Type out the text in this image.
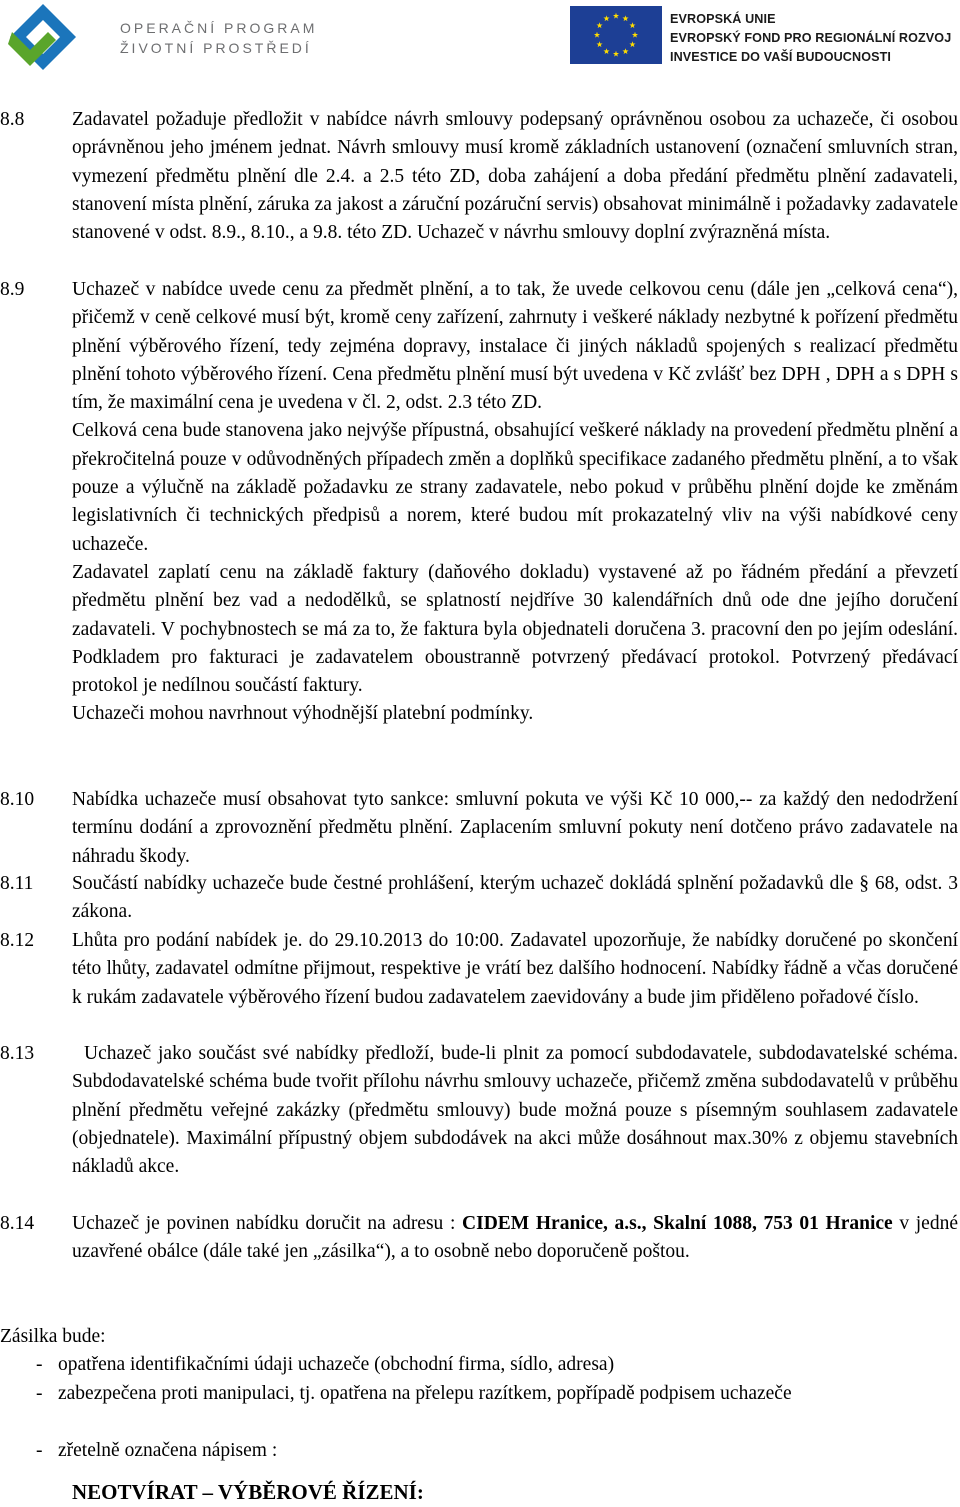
OPERAČNÍ PROGRAM
ŽIVOTNÍ PROSTŘEDÍ
EVROPSKÁ UNIE
EVROPSKÝ FOND PRO REGIONÁLNÍ ROZVOJ
INVESTICE DO VAŠÍ BUDOUCNOSTI
8.8 Zadavatel požaduje předložit v nabídce návrh smlouvy podepsaný oprávněnou osobou za uchazeče, či osobou oprávněnou jeho jménem jednat. Návrh smlouvy musí kromě základních ustanovení (označení smluvních stran, vymezení předmětu plnění dle 2.4. a 2.5 této ZD, doba zahájení a doba předání předmětu plnění zadavateli, stanovení místa plnění, záruka za jakost a záruční pozáruční servis) obsahovat minimálně i požadavky zadavatele stanovené v odst. 8.9., 8.10., a 9.8. této ZD. Uchazeč v návrhu smlouvy doplní zvýrazněná místa.

8.9 Uchazeč v nabídce uvede cenu za předmět plnění, a to tak, že uvede celkovou cenu (dále jen „celková cena“), přičemž v ceně celkové musí být, kromě ceny zařízení, zahrnuty i veškeré náklady nezbytné k pořízení předmětu plnění výběrového řízení, tedy zejména dopravy, instalace či jiných nákladů spojených s realizací předmětu plnění tohoto výběrového řízení. Cena předmětu plnění musí být uvedena v Kč zvlášť bez DPH , DPH a s DPH s tím, že maximální cena je uvedena v čl. 2, odst. 2.3 této ZD.

Celková cena bude stanovena jako nejvýše přípustná, obsahující veškeré náklady na provedení předmětu plnění a překročitelná pouze v odůvodněných případech změn a doplňků specifikace zadaného předmětu plnění, a to však pouze a výlučně na základě požadavku ze strany zadavatele, nebo pokud v průběhu plnění dojde ke změnám legislativních či technických předpisů a norem, které budou mít prokazatelný vliv na výši nabídkové ceny uchazeče.

Zadavatel zaplatí cenu na základě faktury (daňového dokladu) vystavené až po řádném předání a převzetí předmětu plnění bez vad a nedodělků, se splatností nejdříve 30 kalendářních dnů ode dne jejího doručení zadavateli. V pochybnostech se má za to, že faktura byla objednateli doručena 3. pracovní den po jejím odeslání. Podkladem pro fakturaci je zadavatelem oboustranně potvrzený předávací protokol. Potvrzený předávací protokol je nedílnou součástí faktury.

Uchazeči mohou navrhnout výhodnější platební podmínky.

8.10 Nabídka uchazeče musí obsahovat tyto sankce: smluvní pokuta ve výši Kč 10 000,-- za každý den nedodržení termínu dodání a zprovoznění předmětu plnění. Zaplacením smluvní pokuty není dotčeno právo zadavatele na náhradu škody.

8.11 Součástí nabídky uchazeče bude čestné prohlášení, kterým uchazeč dokládá splnění požadavků dle § 68, odst. 3 zákona.

8.12 Lhůta pro podání nabídek je. do 29.10.2013 do 10:00. Zadavatel upozorňuje, že nabídky doručené po skončení této lhůty, zadavatel odmítne přijmout, respektive je vrátí bez dalšího hodnocení. Nabídky řádně a včas doručené k rukám zadavatele výběrového řízení budou zadavatelem zaevidovány a bude jim přiděleno pořadové číslo.

8.13	Uchazeč jako součást své nabídky předloží, bude-li plnit za pomocí subdodavatele, subdodavatelské schéma. Subdodavatelské schéma bude tvořit přílohu návrhu smlouvy uchazeče, přičemž změna subdodavatelů v průběhu plnění předmětu veřejné zakázky (předmětu smlouvy) bude možná pouze s písemným souhlasem zadavatele (objednatele). Maximální přípustný objem subdodávek na akci může dosáhnout max.30% z objemu stavebních nákladů akce.

8.14 Uchazeč je povinen nabídku doručit na adresu : CIDEM Hranice, a.s., Skalní 1088, 753 01 Hranice v jedné uzavřené obálce (dále také jen „zásilka“), a to osobně nebo doporučeně poštou.

Zásilka bude:
- opatřena identifikačními údaji uchazeče (obchodní firma, sídlo, adresa)
- zabezpečena proti manipulaci, tj. opatřena na přelepu razítkem, popřípadě podpisem uchazeče
- zřetelně označena nápisem :
NEOTVÍRAT – VÝBĚROVÉ ŘÍZENÍ:
